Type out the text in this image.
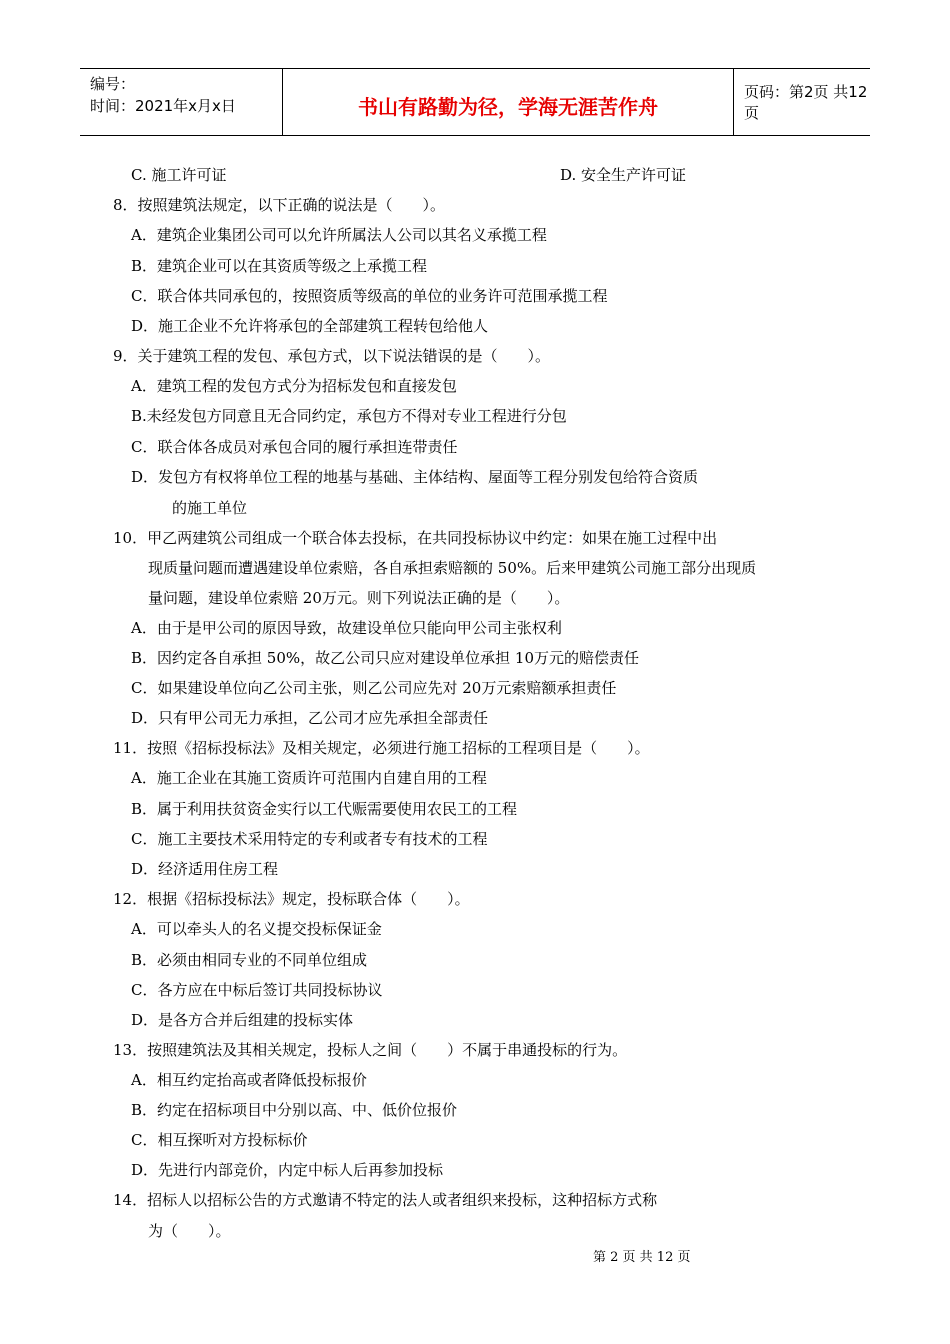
编号：
时间：2021年x月x日	书山有路勤为径，学海无涯苦作舟
页码：第2页 共12页
C. 施工许可证	D. 安全生产许可证
8．按照建筑法规定，以下正确的说法是（　　）。
A．建筑企业集团公司可以允许所属法人公司以其名义承揽工程
B．建筑企业可以在其资质等级之上承揽工程
C．联合体共同承包的，按照资质等级高的单位的业务许可范围承揽工程
D．施工企业不允许将承包的全部建筑工程转包给他人
9．关于建筑工程的发包、承包方式，以下说法错误的是（　　）。
A．建筑工程的发包方式分为招标发包和直接发包
B.未经发包方同意且无合同约定，承包方不得对专业工程进行分包
C．联合体各成员对承包合同的履行承担连带责任
D．发包方有权将单位工程的地基与基础、主体结构、屋面等工程分别发包给符合资质
的施工单位
10．甲乙两建筑公司组成一个联合体去投标，在共同投标协议中约定：如果在施工过程中出
现质量问题而遭遇建设单位索赔，各自承担索赔额的 50%。后来甲建筑公司施工部分出现质
量问题，建设单位索赔 20万元。则下列说法正确的是（　　）。
A．由于是甲公司的原因导致，故建设单位只能向甲公司主张权利
B．因约定各自承担 50%，故乙公司只应对建设单位承担 10万元的赔偿责任
C．如果建设单位向乙公司主张，则乙公司应先对 20万元索赔额承担责任
D．只有甲公司无力承担，乙公司才应先承担全部责任
11．按照《招标投标法》及相关规定，必须进行施工招标的工程项目是（　　）。
A．施工企业在其施工资质许可范围内自建自用的工程
B．属于利用扶贫资金实行以工代赈需要使用农民工的工程
C．施工主要技术采用特定的专利或者专有技术的工程
D．经济适用住房工程
12．根据《招标投标法》规定，投标联合体（　　）。
A．可以牵头人的名义提交投标保证金
B．必须由相同专业的不同单位组成
C．各方应在中标后签订共同投标协议
D．是各方合并后组建的投标实体
13．按照建筑法及其相关规定，投标人之间（　　）不属于串通投标的行为。
A．相互约定抬高或者降低投标报价
B．约定在招标项目中分别以高、中、低价位报价
C．相互探听对方投标标价
D．先进行内部竞价，内定中标人后再参加投标
14．招标人以招标公告的方式邀请不特定的法人或者组织来投标，这种招标方式称
为（　　）。
第 2 页 共 12 页
